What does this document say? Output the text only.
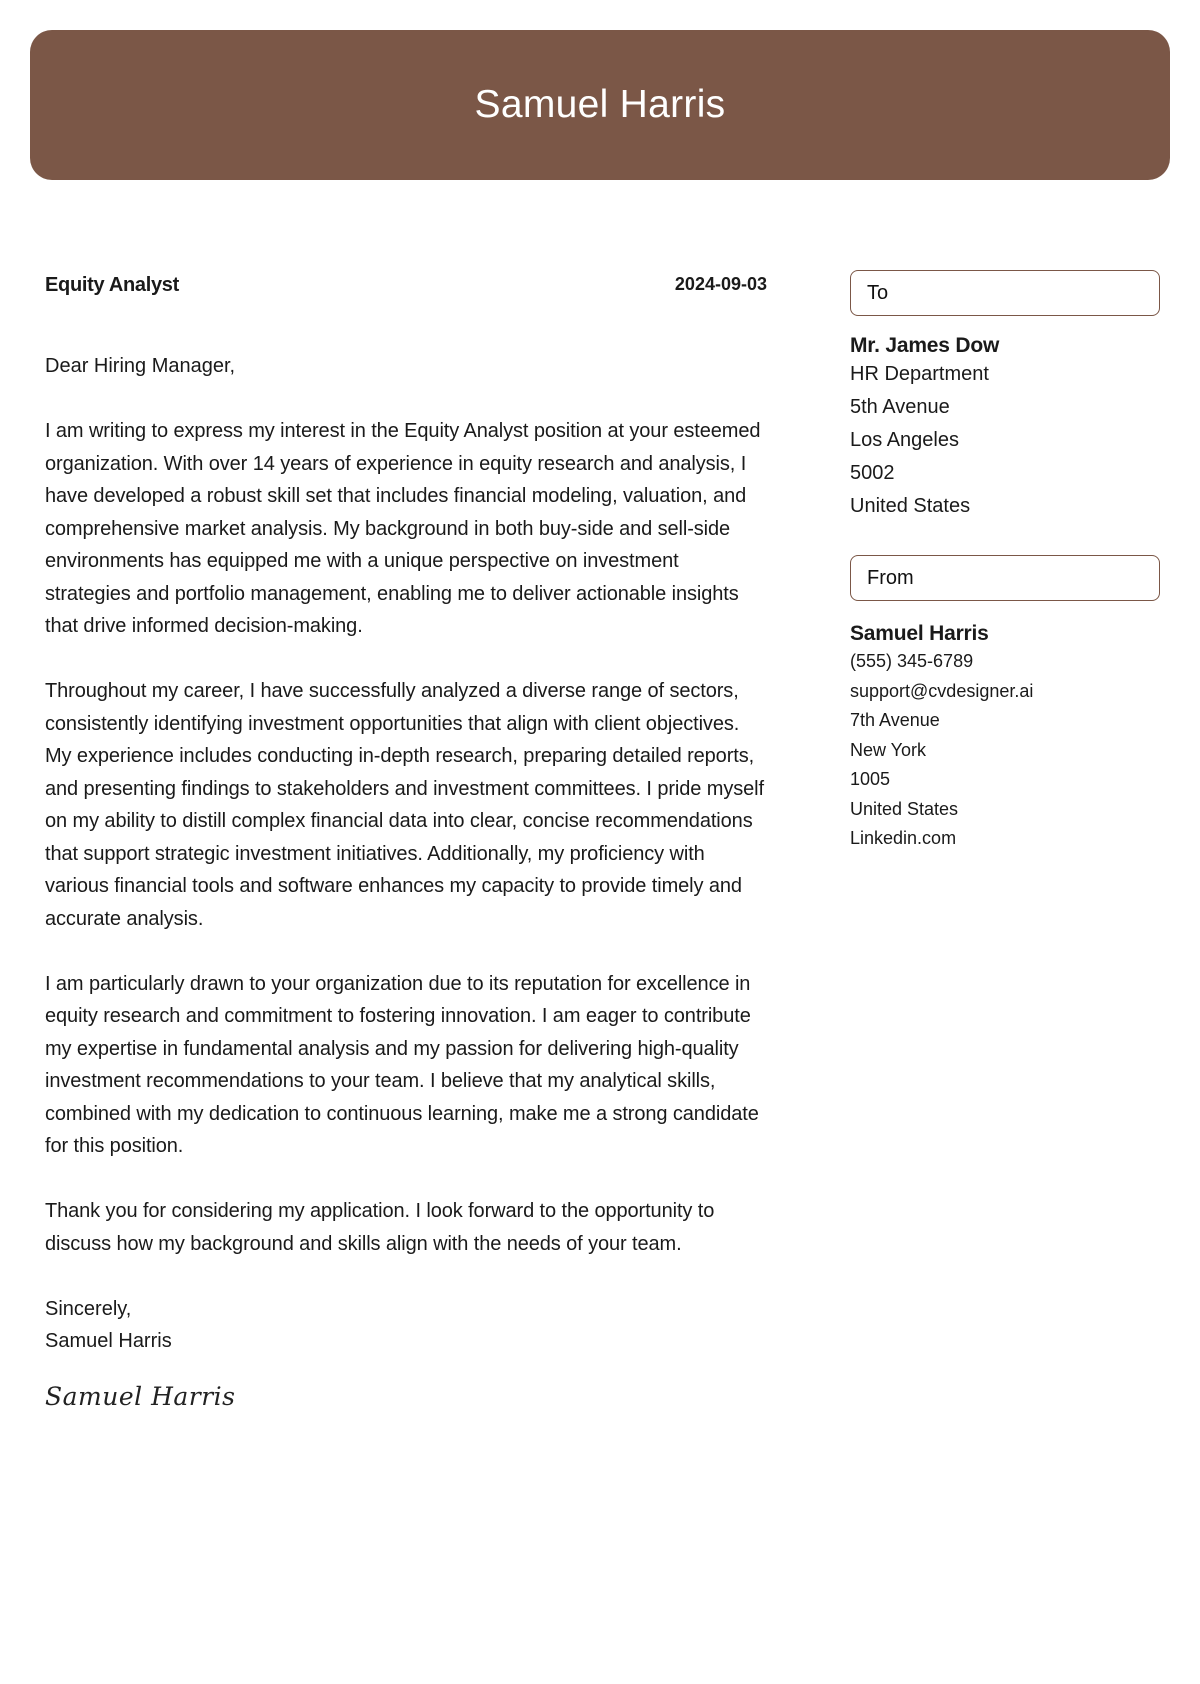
Samuel Harris
Equity Analyst	2024-09-03
Dear Hiring Manager,
I am writing to express my interest in the Equity Analyst position at your esteemed organization. With over 14 years of experience in equity research and analysis, I have developed a robust skill set that includes financial modeling, valuation, and comprehensive market analysis. My background in both buy-side and sell-side environments has equipped me with a unique perspective on investment strategies and portfolio management, enabling me to deliver actionable insights that drive informed decision-making.
Throughout my career, I have successfully analyzed a diverse range of sectors, consistently identifying investment opportunities that align with client objectives. My experience includes conducting in-depth research, preparing detailed reports, and presenting findings to stakeholders and investment committees. I pride myself on my ability to distill complex financial data into clear, concise recommendations that support strategic investment initiatives. Additionally, my proficiency with various financial tools and software enhances my capacity to provide timely and accurate analysis.
I am particularly drawn to your organization due to its reputation for excellence in equity research and commitment to fostering innovation. I am eager to contribute my expertise in fundamental analysis and my passion for delivering high-quality investment recommendations to your team. I believe that my analytical skills, combined with my dedication to continuous learning, make me a strong candidate for this position.
Thank you for considering my application. I look forward to the opportunity to discuss how my background and skills align with the needs of your team.
Sincerely,
Samuel Harris
Samuel Harris
To
Mr. James Dow
HR Department
5th Avenue
Los Angeles
5002
United States
From
Samuel Harris
(555) 345-6789
support@cvdesigner.ai
7th Avenue
New York
1005
United States
Linkedin.com
